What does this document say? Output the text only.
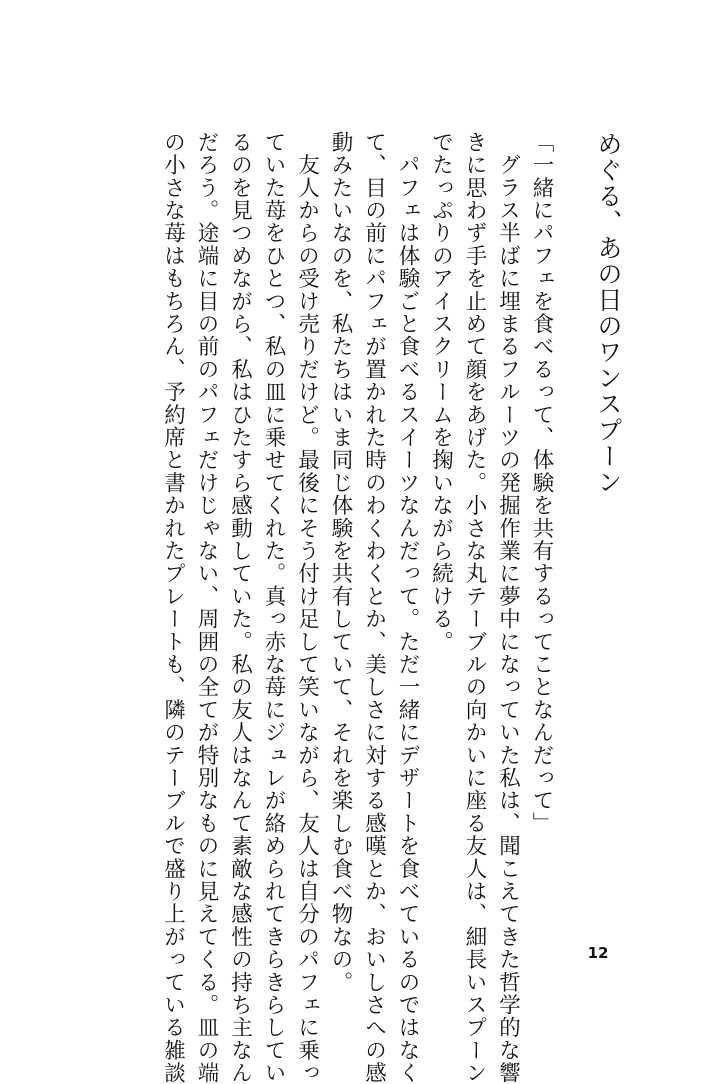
めぐる、あの日のワンスプーン

「一緒にパフェを食べるって、体験を共有するってことなんだって」

　グラス半ばに埋まるフルーツの発掘作業に夢中になっていた私は、聞こえてきた哲学的な響

きに思わず手を止めて顔をあげた。小さな丸テーブルの向かいに座る友人は、細長いスプーン

でたっぷりのアイスクリームを掬いながら続ける。

　パフェは体験ごと食べるスイーツなんだって。ただ一緒にデザートを食べているのではなく

て、目の前にパフェが置かれた時のわくわくとか、美しさに対する感嘆とか、おいしさへの感

動みたいなのを、私たちはいま同じ体験を共有していて、それを楽しむ食べ物なの。

　友人からの受け売りだけど。最後にそう付け足して笑いながら、友人は自分のパフェに乗っ

ていた苺をひとつ、私の皿に乗せてくれた。真っ赤な苺にジュレが絡められてきらきらしてい

るのを見つめながら、私はひたすら感動していた。私の友人はなんて素敵な感性の持ち主なん

だろう。途端に目の前のパフェだけじゃない、周囲の全てが特別なものに見えてくる。皿の端

の小さな苺はもちろん、予約席と書かれたプレートも、隣のテーブルで盛り上がっている雑談	12
